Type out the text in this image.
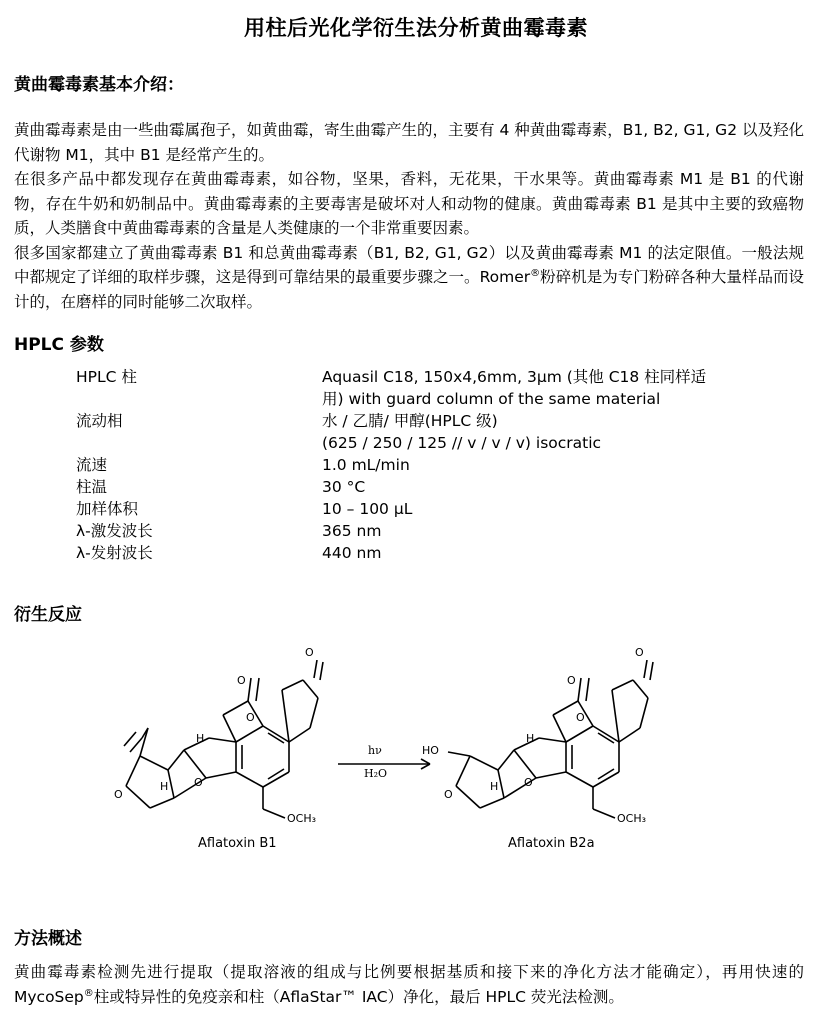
用柱后光化学衍生法分析黄曲霉毒素
黄曲霉毒素基本介绍：

黄曲霉毒素是由一些曲霉属孢子，如黄曲霉，寄生曲霉产生的，主要有 4 种黄曲霉毒素，B1, B2, G1, G2 以及羟化代谢物 M1，其中 B1 是经常产生的。

在很多产品中都发现存在黄曲霉毒素，如谷物，坚果，香料，无花果，干水果等。黄曲霉毒素 M1 是 B1 的代谢物，存在牛奶和奶制品中。黄曲霉毒素的主要毒害是破坏对人和动物的健康。黄曲霉毒素 B1 是其中主要的致癌物质，人类膳食中黄曲霉毒素的含量是人类健康的一个非常重要因素。

很多国家都建立了黄曲霉毒素 B1 和总黄曲霉毒素（B1, B2, G1, G2）以及黄曲霉毒素 M1 的法定限值。一般法规中都规定了详细的取样步骤，这是得到可靠结果的最重要步骤之一。Romer®粉碎机是为专门粉碎各种大量样品而设计的，在磨样的同时能够二次取样。

HPLC 参数
HPLC 柱	Aquasil C18, 150x4,6mm, 3μm (其他 C18 柱同样适
用) with guard column of the same material
流动相	水 / 乙腈/ 甲醇(HPLC 级)
(625 / 250 / 125 // v / v / v) isocratic
流速	1.0 mL/min
柱温	30 °C
加样体积	10 – 100 μL
λ-激发波长	365 nm
λ-发射波长	440 nm
衍生反应
O
O
O
O
O
H
H
OCH₃
hν
H₂O
O
O
O
O
O
HO
H
H
OCH₃
Aflatoxin B1	Aflatoxin B2a
方法概述

黄曲霉毒素检测先进行提取（提取溶液的组成与比例要根据基质和接下来的净化方法才能确定），再用快速的 MycoSep®柱或特异性的免疫亲和柱（AflaStar™ IAC）净化，最后 HPLC 荧光法检测。
